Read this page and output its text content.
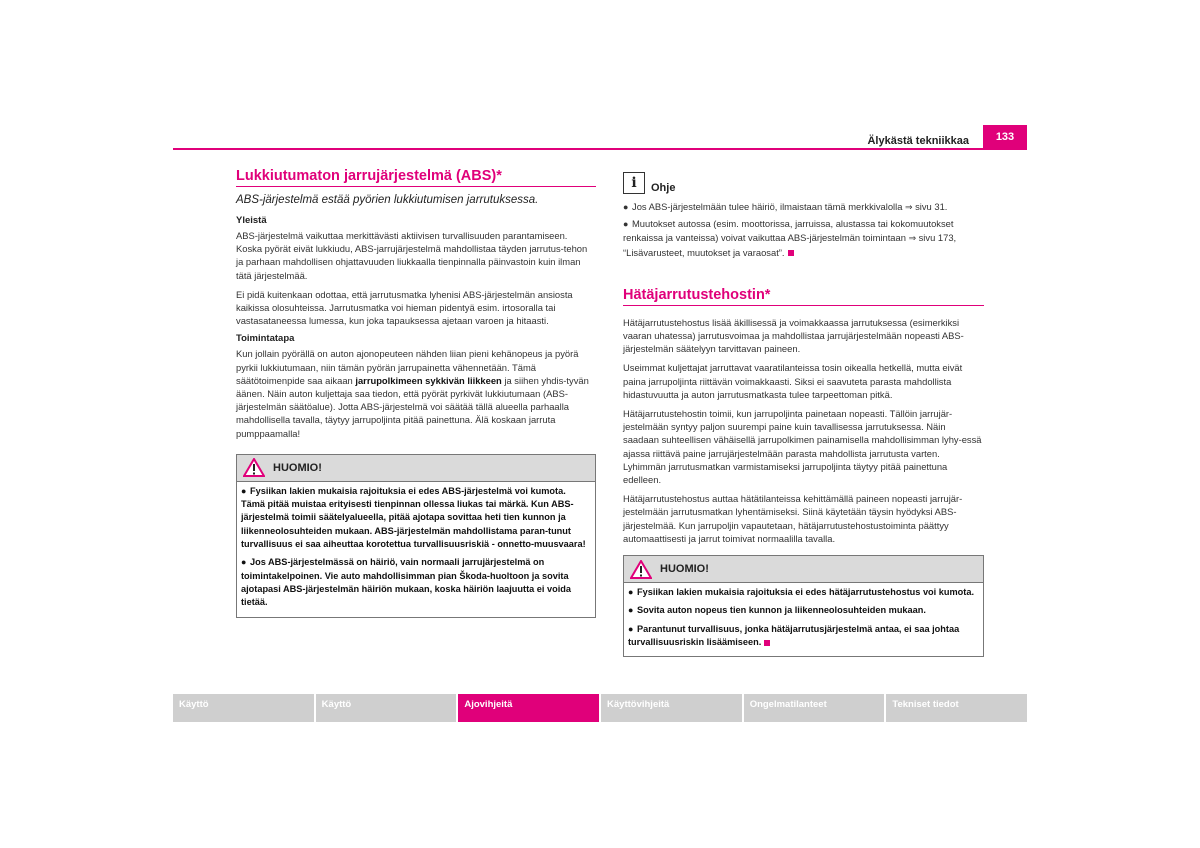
Älykästä tekniikkaa	133
Lukkiutumaton jarrujärjestelmä (ABS)*
ABS-järjestelmä estää pyörien lukkiutumisen jarrutuksessa.
Yleistä

ABS-järjestelmä vaikuttaa merkittävästi aktiivisen turvallisuuden parantamiseen. Koska pyörät eivät lukkiudu, ABS-jarrujärjestelmä mahdollistaa täyden jarrutus-tehon ja parhaan mahdollisen ohjattavuuden liukkaalla tienpinnalla päinvastoin kuin ilman tätä järjestelmää.

Ei pidä kuitenkaan odottaa, että jarrutusmatka lyhenisi ABS-järjestelmän ansiosta kaikissa olosuhteissa. Jarrutusmatka voi hieman pidentyä esim. irtosoralla tai vastasataneessa lumessa, kun joka tapauksessa ajetaan varoen ja hitaasti.

Toimintatapa

Kun jollain pyörällä on auton ajonopeuteen nähden liian pieni kehänopeus ja pyörä pyrkii lukkiutumaan, niin tämän pyörän jarrupainetta vähennetään. Tämä säätötoimenpide saa aikaan jarrupolkimeen sykkivän liikkeen ja siihen yhdis-tyvän äänen. Näin auton kuljettaja saa tiedon, että pyörät pyrkivät lukkiutumaan (ABS-järjestelmän säätöalue). Jotta ABS-järjestelmä voi säätää tällä alueella parhaalla mahdollisella tavalla, täytyy jarrupoljinta pitää painettuna. Älä koskaan jarruta pumppaamalla!

HUOMIO!

● Fysiikan lakien mukaisia rajoituksia ei edes ABS-järjestelmä voi kumota. Tämä pitää muistaa erityisesti tienpinnan ollessa liukas tai märkä. Kun ABS-järjestelmä toimii säätelyalueella, pitää ajotapa sovittaa heti tien kunnon ja liikenneolosuhteiden mukaan. ABS-järjestelmän mahdollistama paran-tunut turvallisuus ei saa aiheuttaa korotettua turvallisuusriskiä - onnetto-muusvaara!

● Jos ABS-järjestelmässä on häiriö, vain normaali jarrujärjestelmä on toimintakelpoinen. Vie auto mahdollisimman pian Škoda-huoltoon ja sovita ajotapasi ABS-järjestelmän häiriön mukaan, koska häiriön laajuutta ei voida tietää.

i	Ohje

● Jos ABS-järjestelmään tulee häiriö, ilmaistaan tämä merkkivalolla ⇒ sivu 31.

● Muutokset autossa (esim. moottorissa, jarruissa, alustassa tai kokomuutokset renkaissa ja vanteissa) voivat vaikuttaa ABS-järjestelmän toimintaan ⇒ sivu 173, “Lisävarusteet, muutokset ja varaosat”.

Hätäjarrutustehostin*

Hätäjarrutustehostus lisää äkillisessä ja voimakkaassa jarrutuksessa (esimerkiksi vaaran uhatessa) jarrutusvoimaa ja mahdollistaa jarrujärjestelmään nopeasti ABS-järjestelmän säätelyyn tarvittavan paineen.

Useimmat kuljettajat jarruttavat vaaratilanteissa tosin oikealla hetkellä, mutta eivät paina jarrupoljinta riittävän voimakkaasti. Siksi ei saavuteta parasta mahdollista hidastuvuutta ja auton jarrutusmatkasta tulee tarpeettoman pitkä.

Hätäjarrutustehostin toimii, kun jarrupoljinta painetaan nopeasti. Tällöin jarrujär-jestelmään syntyy paljon suurempi paine kuin tavallisessa jarrutuksessa. Näin saadaan suhteellisen vähäisellä jarrupolkimen painamisella mahdollisimman lyhy-essä ajassa riittävä paine jarrujärjestelmään parasta mahdollista jarrutusta varten. Lyhimmän jarrutusmatkan varmistamiseksi jarrupoljinta täytyy pitää painettuna edelleen.

Hätäjarrutustehostus auttaa hätätilanteissa kehittämällä paineen nopeasti jarrujär-jestelmään jarrutusmatkan lyhentämiseksi. Siinä käytetään täysin hyödyksi ABS-järjestelmää. Kun jarrupoljin vapautetaan, hätäjarrutustehostustoiminta päättyy automaattisesti ja jarrut toimivat normaalilla tavalla.

HUOMIO!

● Fysiikan lakien mukaisia rajoituksia ei edes hätäjarrutustehostus voi kumota.

● Sovita auton nopeus tien kunnon ja liikenneolosuhteiden mukaan.

● Parantunut turvallisuus, jonka hätäjarrutusjärjestelmä antaa, ei saa johtaa turvallisuusriskin lisäämiseen.

Käyttö	Käyttö	Ajovihjeitä	Käyttövihjeitä	Ongelmatilanteet	Tekniset tiedot
